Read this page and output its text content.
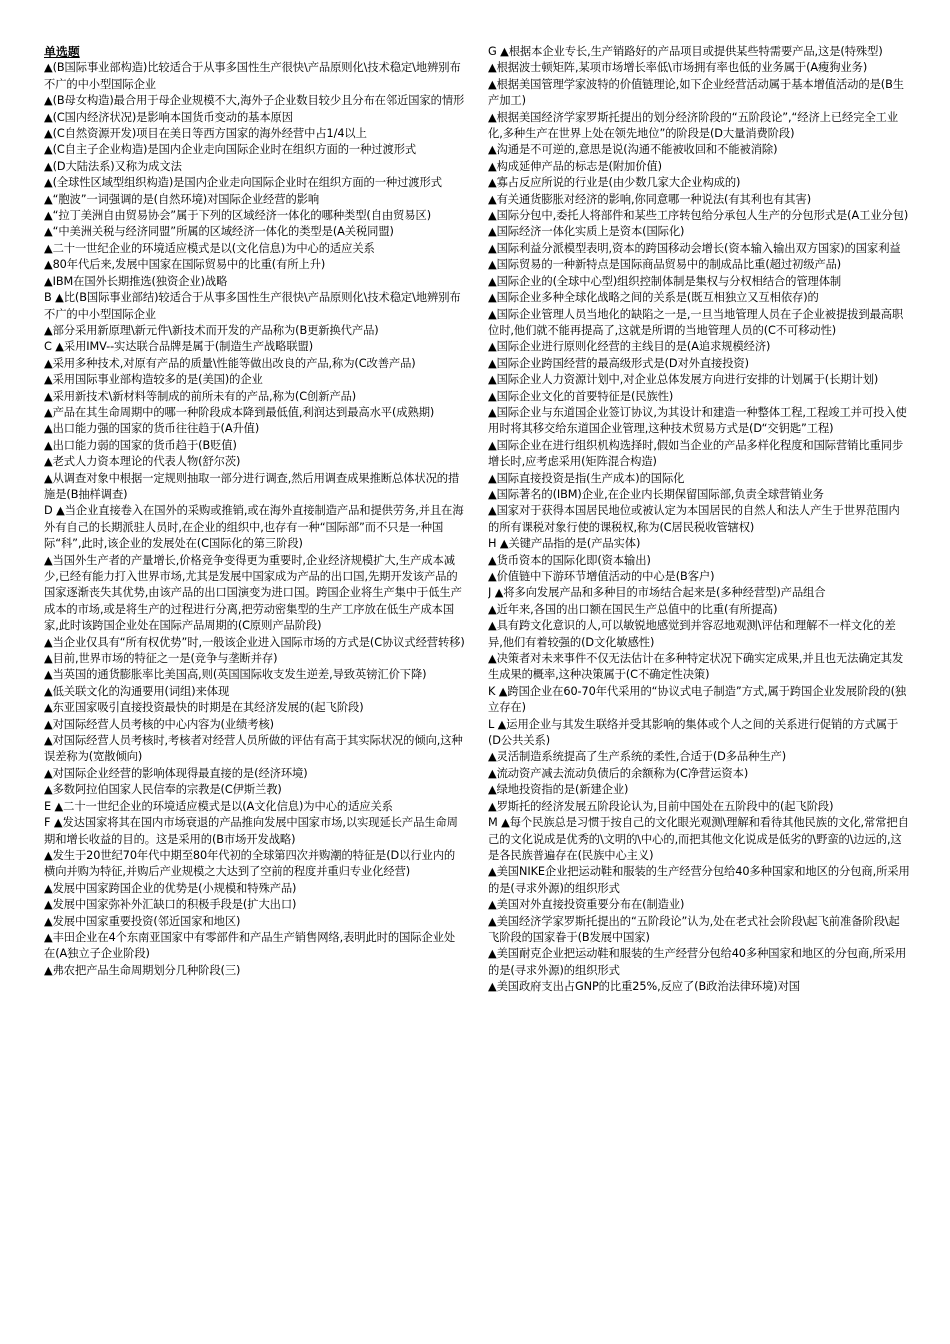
单选题

▲(B国际事业部构造)比较适合于从事多国性生产很快\产品原则化\技术稳定\地辨别布不广的中小型国际企业

▲(B母女构造)最合用于母企业规模不大,海外子企业数目较少且分布在邻近国家的情形

▲(C国内经济状况)是影响本国货币变动的基本原因

▲(C自然资源开发)项目在美日等西方国家的海外经营中占1/4以上

▲(C自主子企业构造)是国内企业走向国际企业时在组织方面的一种过渡形式

▲(D大陆法系)又称为成文法

▲(全球性区域型组织构造)是国内企业走向国际企业时在组织方面的一种过渡形式

▲“胞波”一词强调的是(自然环境)对国际企业经营的影响

▲“拉丁美洲自由贸易协会”属于下列的区域经济一体化的哪种类型(自由贸易区)

▲“中美洲关税与经济同盟”所属的区域经济一体化的类型是(A关税同盟)

▲二十一世纪企业的环境适应模式是以(文化信息)为中心的适应关系

▲80年代后来,发展中国家在国际贸易中的比重(有所上升)

▲IBM在国外长期推选(独资企业)战略

B ▲比(B国际事业部结)较适合于从事多国性生产很快\产品原则化\技术稳定\地辨别布不广的中小型国际企业

▲部分采用新原理\新元件\新技术而开发的产品称为(B更新换代产品)

C ▲采用IMV--实达联合品牌是属于(制造生产战略联盟)

▲采用多种技术,对原有产品的质量\性能等做出改良的产品,称为(C改善产品)

▲采用国际事业部构造较多的是(美国)的企业

▲采用新技术\新材料等制成的前所未有的产品,称为(C创新产品)

▲产品在其生命周期中的哪一种阶段成本降到最低值,利润达到最高水平(成熟期)

▲出口能力强的国家的货币往往趋于(A升值)

▲出口能力弱的国家的货币趋于(B贬值)

▲老式人力资本理论的代表人物(舒尔茨)

▲从调查对象中根据一定规则抽取一部分进行调查,然后用调查成果推断总体状况的措施是(B抽样调查)

D ▲当企业直接卷入在国外的采购或推销,或在海外直接制造产品和提供劳务,并且在海外有自己的长期派驻人员时,在企业的组织中,也存有一种“国际部”而不只是一种国际“科”,此时,该企业的发展处在(C国际化的第三阶段)

▲当国外生产者的产量增长,价格竞争变得更为重要时,企业经济规模扩大,生产成本减少,已经有能力打入世界市场,尤其是发展中国家成为产品的出口国,先期开发该产品的国家逐渐丧失其优势,由该产品的出口国演变为进口国。跨国企业将生产集中于低生产成本的市场,或是将生产的过程进行分离,把劳动密集型的生产工序放在低生产成本国家,此时该跨国企业处在国际产品周期的(C原则产品阶段)

▲当企业仅具有“所有权优势”时,一般该企业进入国际市场的方式是(C协议式经营转移)

▲目前,世界市场的特征之一是(竞争与垄断并存)

▲当英国的通货膨胀率比美国高,则(英国国际收支发生逆差,导致英镑汇价下降)

▲低关联文化的沟通要用(词组)来体现

▲东亚国家吸引直接投资最快的时期是在其经济发展的(起飞阶段)

▲对国际经营人员考核的中心内容为(业绩考核)

▲对国际经营人员考核时,考核者对经营人员所做的评估有高于其实际状况的倾向,这种误差称为(宽散倾向)

▲对国际企业经营的影响体现得最直接的是(经济环境)

▲多数阿拉伯国家人民信奉的宗教是(C伊斯兰教)

E ▲二十一世纪企业的环境适应模式是以(A文化信息)为中心的适应关系

F ▲发达国家将其在国内市场衰退的产品推向发展中国家市场,以实现延长产品生命周期和增长收益的目的。这是采用的(B市场开发战略)

▲发生于20世纪70年代中期至80年代初的全球第四次并购潮的特征是(D以行业内的横向并购为特征,并购后产业规模之大达到了空前的程度并重归专业化经营)

▲发展中国家跨国企业的优势是(小规模和特殊产品)

▲发展中国家弥补外汇缺口的积极手段是(扩大出口)

▲发展中国家重要投资(邻近国家和地区)

▲丰田企业在4个东南亚国家中有零部件和产品生产销售网络,表明此时的国际企业处在(A独立子企业阶段)

▲弗农把产品生命周期划分几种阶段(三)

G ▲根据本企业专长,生产销路好的产品项目或提供某些特需要产品,这是(特殊型)

▲根据波士顿矩阵,某项市场增长率低\市场拥有率也低的业务属于(A瘦狗业务)

▲根据美国管理学家波特的价值链理论,如下企业经营活动属于基本增值活动的是(B生产加工)

▲根据美国经济学家罗斯托提出的划分经济阶段的“五阶段论”,“经济上已经完全工业化,多种生产在世界上处在领先地位”的阶段是(D大量消费阶段)

▲沟通是不可逆的,意思是说(沟通不能被收回和不能被消除)

▲构成延伸产品的标志是(附加价值)

▲寡占反应所说的行业是(由少数几家大企业构成的)

▲有关通货膨胀对经济的影响,你同意哪一种说法(有其利也有其害)

▲国际分包中,委托人将部件和某些工序转包给分承包人生产的分包形式是(A工业分包)

▲国际经济一体化实质上是资本(国际化)

▲国际利益分派模型表明,资本的跨国移动会增长(资本输入输出双方国家)的国家利益

▲国际贸易的一种新特点是国际商品贸易中的制成品比重(超过初级产品)

▲国际企业的(全球中心型)组织控制体制是集权与分权相结合的管理体制

▲国际企业多种全球化战略之间的关系是(既互相独立又互相依存)的

▲国际企业管理人员当地化的缺陷之一是,一旦当地管理人员在子企业被提拔到最高职位时,他们就不能再提高了,这就是所谓的当地管理人员的(C不可移动性)

▲国际企业进行原则化经营的主线目的是(A追求规模经济)

▲国际企业跨国经营的最高级形式是(D对外直接投资)

▲国际企业人力资源计划中,对企业总体发展方向进行安排的计划属于(长期计划)

▲国际企业文化的首要特征是(民族性)

▲国际企业与东道国企业签订协议,为其设计和建造一种整体工程,工程竣工并可投入使用时将其移交给东道国企业管理,这种技术贸易方式是(D“交钥匙”工程)

▲国际企业在进行组织机构选择时,假如当企业的产品多样化程度和国际营销比重同步增长时,应考虑采用(矩阵混合构造)

▲国际直接投资是指(生产成本)的国际化

▲国际著名的(IBM)企业,在企业内长期保留国际部,负责全球营销业务

▲国家对于获得本国居民地位或被认定为本国居民的自然人和法人产生于世界范围内的所有课税对象行使的课税权,称为(C居民税收管辖权)

H ▲关键产品指的是(产品实体)

▲货币资本的国际化即(资本输出)

▲价值链中下游环节增值活动的中心是(B客户)

J ▲将多向发展产品和多种目的市场结合起来是(多种经营型)产品组合

▲近年来,各国的出口额在国民生产总值中的比重(有所提高)

▲具有跨文化意识的人,可以敏锐地感觉到并容忍地观测\评估和理解不一样文化的差异,他们有着较强的(D文化敏感性)

▲决策者对未来事件不仅无法估计在多种特定状况下确实定成果,并且也无法确定其发生成果的概率,这种决策属于(C不确定性决策)

K ▲跨国企业在60-70年代采用的“协议式电子制造”方式,属于跨国企业发展阶段的(独立存在)

L ▲运用企业与其发生联络并受其影响的集体或个人之间的关系进行促销的方式属于(D公共关系)

▲灵活制造系统提高了生产系统的柔性,合适于(D多品种生产)

▲流动资产减去流动负债后的余额称为(C净营运资本)

▲绿地投资指的是(新建企业)

▲罗斯托的经济发展五阶段论认为,目前中国处在五阶段中的(起飞阶段)

M ▲每个民族总是习惯于按自己的文化眼光观测\理解和看待其他民族的文化,常常把自己的文化说成是优秀的\文明的\中心的,而把其他文化说成是低劣的\野蛮的\边远的,这是各民族普遍存在(民族中心主义)

▲美国NIKE企业把运动鞋和服装的生产经营分包给40多种国家和地区的分包商,所采用的是(寻求外源)的组织形式

▲美国对外直接投资重要分布在(制造业)

▲美国经济学家罗斯托提出的“五阶段论”认为,处在老式社会阶段\起飞前准备阶段\起飞阶段的国家眷于(B发展中国家)

▲美国耐克企业把运动鞋和服装的生产经营分包给40多种国家和地区的分包商,所采用的是(寻求外源)的组织形式

▲美国政府支出占GNP的比重25%,反应了(B政治法律环境)对国
